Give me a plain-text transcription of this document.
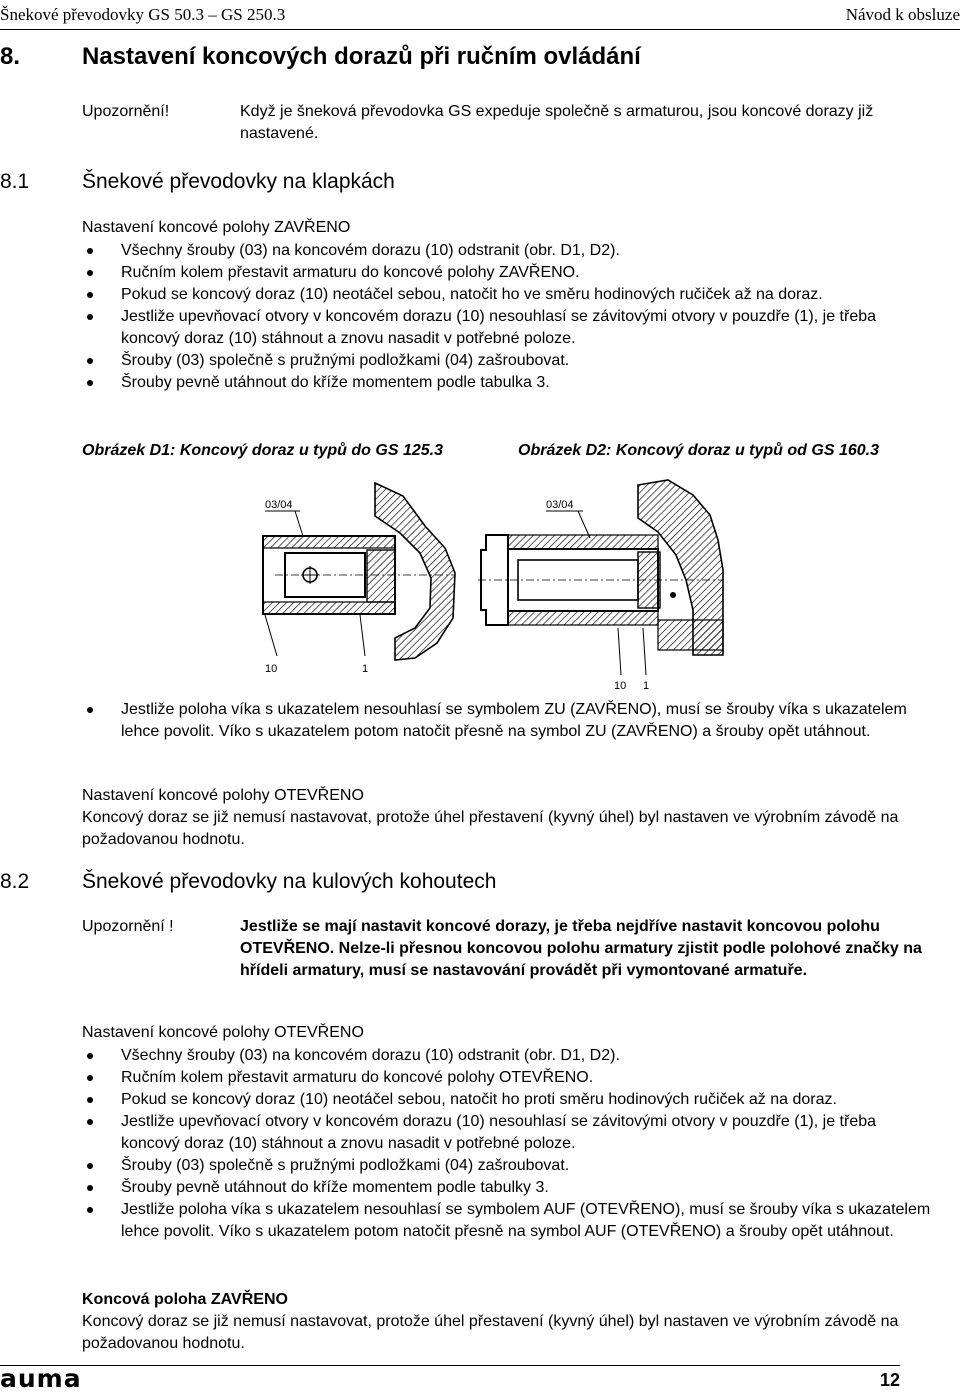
Šnekové převodovky GS 50.3 – GS 250.3	Návod k obsluze
8.	Nastavení koncových dorazů při ručním ovládání
Upozornění!	Když je šneková převodovka GS expeduje společně s armaturou, jsou koncové dorazy již nastavené.
8.1	Šnekové převodovky na klapkách
Nastavení koncové polohy ZAVŘENO
Všechny šrouby (03) na koncovém dorazu (10) odstranit (obr. D1, D2).
Ručním kolem přestavit armaturu do koncové polohy ZAVŘENO.
Pokud se koncový doraz (10) neotáčel sebou, natočit ho ve směru hodinových ručiček až na doraz.
Jestliže upevňovací otvory v koncovém dorazu (10) nesouhlasí se závitovými otvory v pouzdře (1), je třeba koncový doraz (10) stáhnout a znovu nasadit v potřebné poloze.
Šrouby (03) společně s pružnými podložkami (04) zašroubovat.
Šrouby pevně utáhnout do kříže momentem podle tabulka 3.
Obrázek D1: Koncový doraz u typů do GS 125.3	Obrázek D2: Koncový doraz u typů od GS 160.3
03/04
10	1
03/04
10 1
Jestliže poloha víka s ukazatelem nesouhlasí se symbolem ZU (ZAVŘENO), musí se šrouby víka s ukazatelem lehce povolit. Víko s ukazatelem potom natočit přesně na symbol ZU (ZAVŘENO) a šrouby opět utáhnout.
Nastavení koncové polohy OTEVŘENO
Koncový doraz se již nemusí nastavovat, protože úhel přestavení (kyvný úhel) byl nastaven ve výrobním závodě na požadovanou hodnotu.
8.2	Šnekové převodovky na kulových kohoutech
Upozornění !	Jestliže se mají nastavit koncové dorazy, je třeba nejdříve nastavit koncovou polohu OTEVŘENO. Nelze-li přesnou koncovou polohu armatury zjistit podle polohové značky na hřídeli armatury, musí se nastavování provádět při vymontované armatuře.
Nastavení koncové polohy OTEVŘENO
Všechny šrouby (03) na koncovém dorazu (10) odstranit (obr. D1, D2).
Ručním kolem přestavit armaturu do koncové polohy OTEVŘENO.
Pokud se koncový doraz (10) neotáčel sebou, natočit ho proti směru hodinových ručiček až na doraz.
Jestliže upevňovací otvory v koncovém dorazu (10) nesouhlasí se závitovými otvory v pouzdře (1), je třeba koncový doraz (10) stáhnout a znovu nasadit v potřebné poloze.
Šrouby (03) společně s pružnými podložkami (04) zašroubovat.
Šrouby pevně utáhnout do kříže momentem podle tabulky 3.
Jestliže poloha víka s ukazatelem nesouhlasí se symbolem AUF (OTEVŘENO), musí se šrouby víka s ukazatelem lehce povolit. Víko s ukazatelem potom natočit přesně na symbol AUF (OTEVŘENO) a šrouby opět utáhnout.
Koncová poloha ZAVŘENO
Koncový doraz se již nemusí nastavovat, protože úhel přestavení (kyvný úhel) byl nastaven ve výrobním závodě na požadovanou hodnotu.
auma	12
